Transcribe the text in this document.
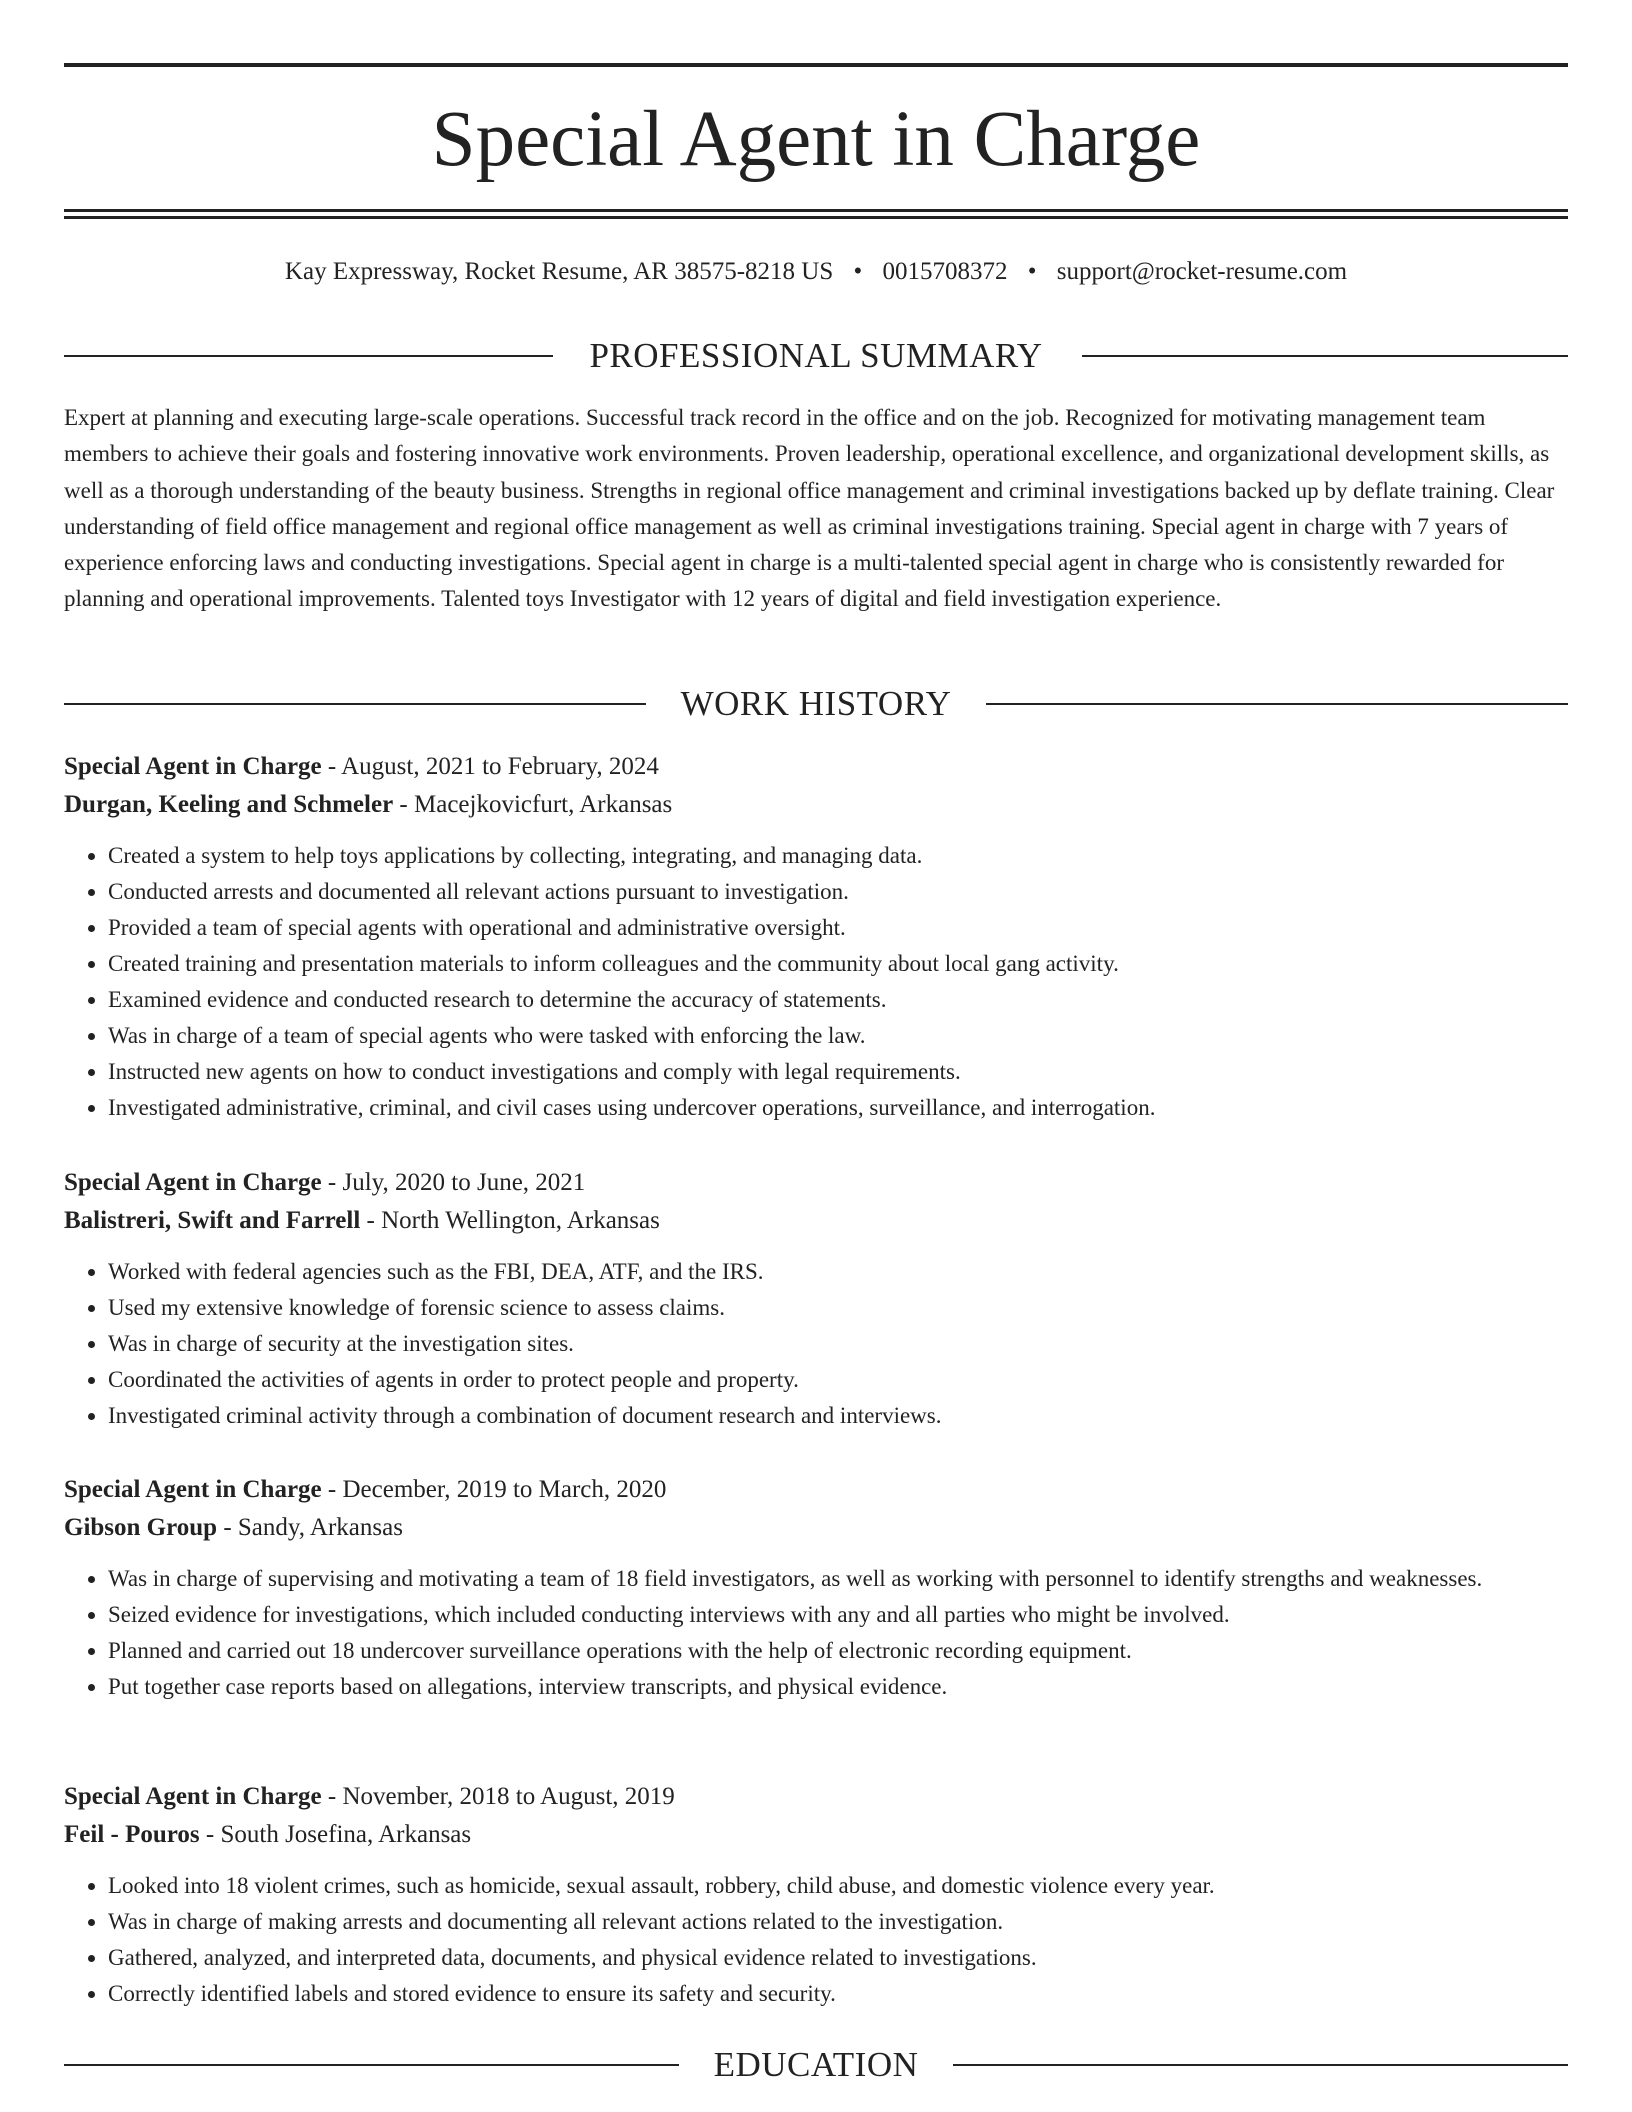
Special Agent in Charge
Kay Expressway, Rocket Resume, AR 38575-8218 US • 0015708372 • support@rocket-resume.com
PROFESSIONAL SUMMARY

Expert at planning and executing large-scale operations. Successful track record in the office and on the job. Recognized for motivating management team members to achieve their goals and fostering innovative work environments. Proven leadership, operational excellence, and organizational development skills, as well as a thorough understanding of the beauty business. Strengths in regional office management and criminal investigations backed up by deflate training. Clear understanding of field office management and regional office management as well as criminal investigations training. Special agent in charge with 7 years of experience enforcing laws and conducting investigations. Special agent in charge is a multi-talented special agent in charge who is consistently rewarded for planning and operational improvements. Talented toys Investigator with 12 years of digital and field investigation experience.

WORK HISTORY

Special Agent in Charge - August, 2021 to February, 2024

Durgan, Keeling and Schmeler - Macejkovicfurt, Arkansas

• Created a system to help toys applications by collecting, integrating, and managing data.
• Conducted arrests and documented all relevant actions pursuant to investigation.
• Provided a team of special agents with operational and administrative oversight.
• Created training and presentation materials to inform colleagues and the community about local gang activity.
• Examined evidence and conducted research to determine the accuracy of statements.
• Was in charge of a team of special agents who were tasked with enforcing the law.
• Instructed new agents on how to conduct investigations and comply with legal requirements.
• Investigated administrative, criminal, and civil cases using undercover operations, surveillance, and interrogation.

Special Agent in Charge - July, 2020 to June, 2021

Balistreri, Swift and Farrell - North Wellington, Arkansas

• Worked with federal agencies such as the FBI, DEA, ATF, and the IRS.
• Used my extensive knowledge of forensic science to assess claims.
• Was in charge of security at the investigation sites.
• Coordinated the activities of agents in order to protect people and property.
• Investigated criminal activity through a combination of document research and interviews.

Special Agent in Charge - December, 2019 to March, 2020

Gibson Group - Sandy, Arkansas

• Was in charge of supervising and motivating a team of 18 field investigators, as well as working with personnel to identify strengths and weaknesses.
• Seized evidence for investigations, which included conducting interviews with any and all parties who might be involved.
• Planned and carried out 18 undercover surveillance operations with the help of electronic recording equipment.
• Put together case reports based on allegations, interview transcripts, and physical evidence.

Special Agent in Charge - November, 2018 to August, 2019

Feil - Pouros - South Josefina, Arkansas

• Looked into 18 violent crimes, such as homicide, sexual assault, robbery, child abuse, and domestic violence every year.
• Was in charge of making arrests and documenting all relevant actions related to the investigation.
• Gathered, analyzed, and interpreted data, documents, and physical evidence related to investigations.
• Correctly identified labels and stored evidence to ensure its safety and security.
EDUCATION
